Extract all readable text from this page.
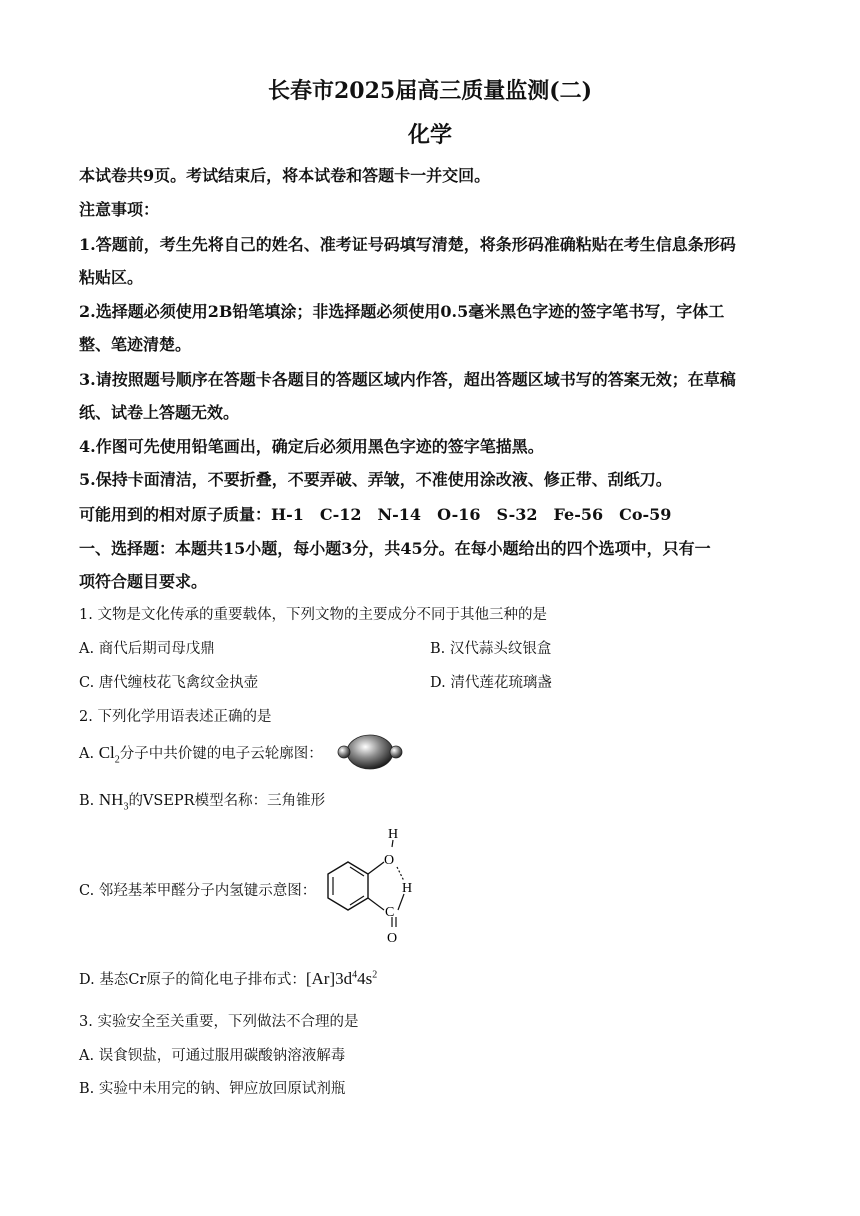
长春市2025届高三质量监测(二)
化学
本试卷共9页。考试结束后，将本试卷和答题卡一并交回。
注意事项：
1.答题前，考生先将自己的姓名、准考证号码填写清楚，将条形码准确粘贴在考生信息条形码
粘贴区。
2.选择题必须使用2B铅笔填涂；非选择题必须使用0.5毫米黑色字迹的签字笔书写，字体工
整、笔迹清楚。
3.请按照题号顺序在答题卡各题目的答题区域内作答，超出答题区域书写的答案无效；在草稿
纸、试卷上答题无效。
4.作图可先使用铅笔画出，确定后必须用黑色字迹的签字笔描黑。
5.保持卡面清洁，不要折叠，不要弄破、弄皱，不准使用涂改液、修正带、刮纸刀。
可能用到的相对原子质量：H-1　C-12　N-14　O-16　S-32　Fe-56　Co-59
一、选择题：本题共15小题，每小题3分，共45分。在每小题给出的四个选项中，只有一
项符合题目要求。
1. 文物是文化传承的重要载体，下列文物的主要成分不同于其他三种的是
A. 商代后期司母戊鼎	B. 汉代蒜头纹银盒
C. 唐代缠枝花飞禽纹金执壶	D. 清代莲花琉璃盏
2. 下列化学用语表述正确的是
A. $Cl_2$分子中共价键的电子云轮廓图：
B. $NH_3$的VSEPR模型名称：三角锥形
C. 邻羟基苯甲醛分子内氢键示意图：
H
O
H
C
O
D. 基态Cr原子的简化电子排布式：$[Ar]3d^44s^2$
3. 实验安全至关重要，下列做法不合理的是
A. 误食钡盐，可通过服用碳酸钠溶液解毒
B. 实验中未用完的钠、钾应放回原试剂瓶
